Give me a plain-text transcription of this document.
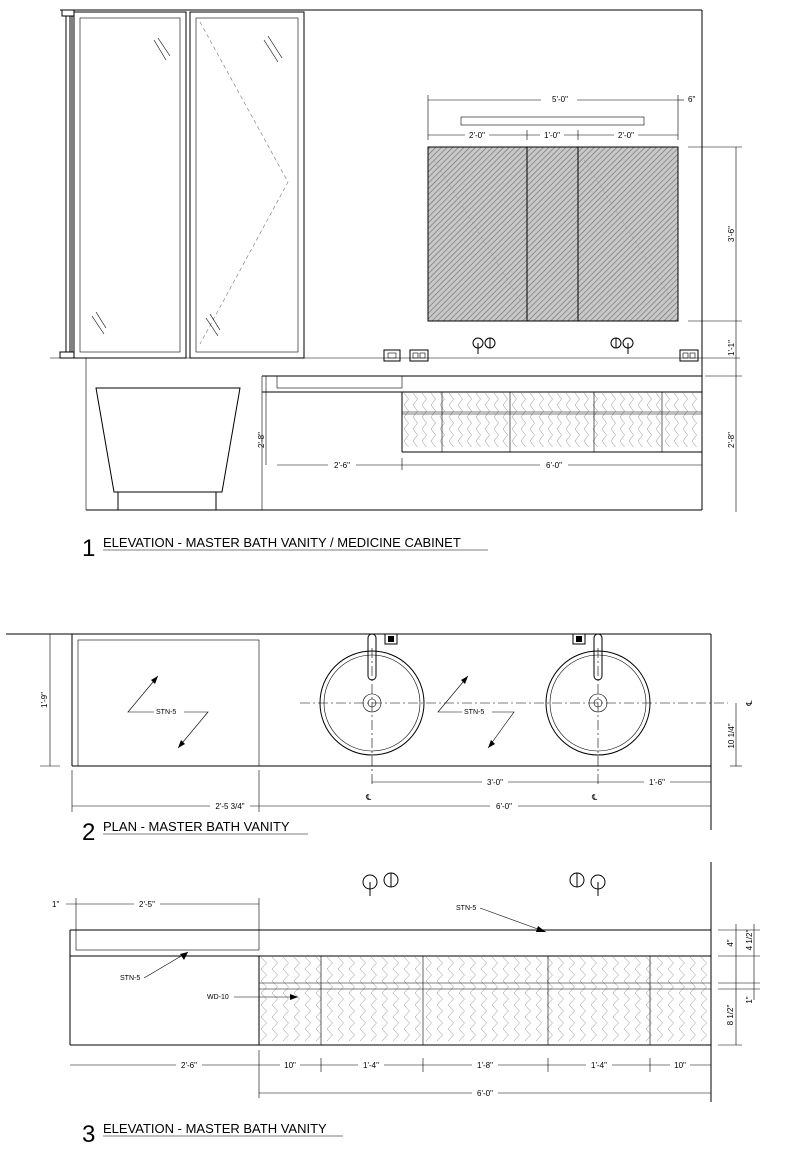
5'-0"	6"
2'-0"	1'-0"	2'-0"
3'-6"
1'-1"
2'-8"
2'-8"
2'-6"	6'-0"
1 ELEVATION - MASTER BATH VANITY / MEDICINE CABINET
STN-5	STN-5
1'-9"
10 1/4"
℄
3'-0"	1'-6"
℄	℄
2'-5 3/4"	6'-0"
2 PLAN - MASTER BATH VANITY
STN-5
STN-5
WD-10
1"	2'-5"
4" 4 1/2"
1"
8 1/2"
2'-6"	10"	1'-4"	1'-8"	1'-4"	10"
6'-0"
3 ELEVATION - MASTER BATH VANITY
